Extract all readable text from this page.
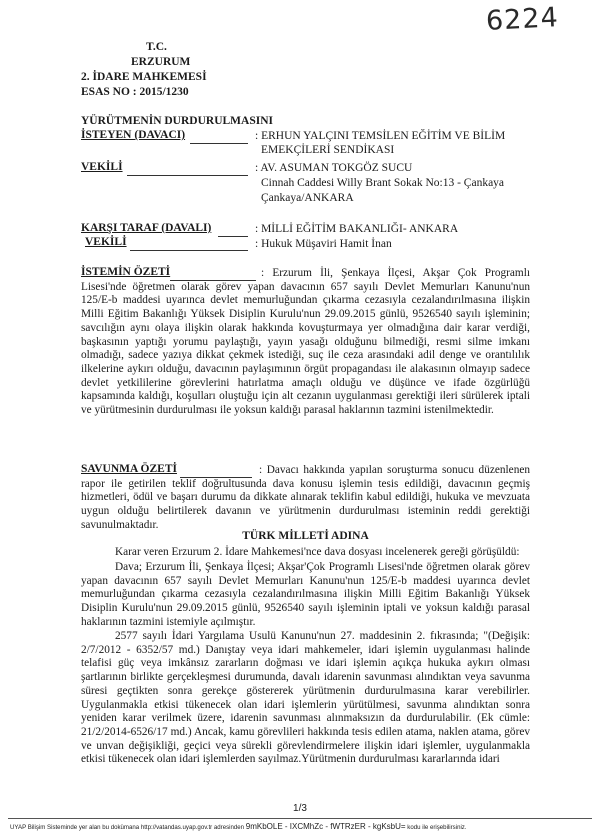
6224
T.C.
ERZURUM
2. İDARE MAHKEMESİ
ESAS NO : 2015/1230
YÜRÜTMENİN DURDURULMASINI
İSTEYEN (DAVACI)	: ERHUN YALÇINI TEMSİLEN EĞİTİM VE BİLİM
EMEKÇİLERİ SENDİKASI
VEKİLİ	: AV. ASUMAN TOKGÖZ SUCU
Cinnah Caddesi Willy Brant Sokak No:13 - Çankaya
Çankaya/ANKARA
KARŞI TARAF (DAVALI)	: MİLLİ EĞİTİM BAKANLIĞI- ANKARA
VEKİLİ	: Hukuk Müşaviri Hamit İnan
İSTEMİN ÖZETİ	: Erzurum İli, Şenkaya İlçesi, Akşar Çok Programlı Lisesi'nde öğretmen olarak görev yapan davacının 657 sayılı Devlet Memurları Kanunu'nun 125/E-b maddesi uyarınca devlet memurluğundan çıkarma cezasıyla cezalandırılmasına ilişkin Milli Eğitim Bakanlığı Yüksek Disiplin Kurulu'nun 29.09.2015 günlü, 9526540 sayılı işleminin; savcılığın aynı olaya ilişkin olarak hakkında kovuşturmaya yer olmadığına dair karar verdiği, başkasının yaptığı yorumu paylaştığı, yayın yasağı olduğunu bilmediği, resmi silme imkanı olmadığı, sadece yazıya dikkat çekmek istediği, suç ile ceza arasındaki adil denge ve orantılılık ilkelerine aykırı olduğu, davacının paylaşımının örgüt propagandası ile alakasının olmayıp sadece devlet yetkililerine görevlerini hatırlatma amaçlı olduğu ve düşünce ve ifade özgürlüğü kapsamında kaldığı, koşulları oluştuğu için alt cezanın uygulanması gerektiği ileri sürülerek iptali ve yürütmesinin durdurulması ile yoksun kaldığı parasal haklarının tazmini istenilmektedir.
SAVUNMA ÖZETİ	: Davacı hakkında yapılan soruşturma sonucu düzenlenen rapor ile getirilen teklif doğrultusunda dava konusu işlemin tesis edildiği, davacının geçmiş hizmetleri, ödül ve başarı durumu da dikkate alınarak teklifin kabul edildiği, hukuka ve mevzuata uygun olduğu belirtilerek davanın ve yürütmenin durdurulması isteminin reddi gerektiği savunulmaktadır.
TÜRK MİLLETİ ADINA
Karar veren Erzurum 2. İdare Mahkemesi'nce dava dosyası incelenerek gereği görüşüldü:
Dava; Erzurum İli, Şenkaya İlçesi; Akşar'Çok Programlı Lisesi'nde öğretmen olarak görev yapan davacının 657 sayılı Devlet Memurları Kanunu'nun 125/E-b maddesi uyarınca devlet memurluğundan çıkarma cezasıyla cezalandırılmasına ilişkin Milli Eğitim Bakanlığı Yüksek Disiplin Kurulu'nun 29.09.2015 günlü, 9526540 sayılı işleminin iptali ve yoksun kaldığı parasal haklarının tazmini istemiyle açılmıştır.
2577 sayılı İdari Yargılama Usulü Kanunu'nun 27. maddesinin 2. fıkrasında; "(Değişik: 2/7/2012 - 6352/57 md.) Danıştay veya idari mahkemeler, idari işlemin uygulanması halinde telafisi güç veya imkânsız zararların doğması ve idari işlemin açıkça hukuka aykırı olması şartlarının birlikte gerçekleşmesi durumunda, davalı idarenin savunması alındıktan veya savunma süresi geçtikten sonra gerekçe göstererek yürütmenin durdurulmasına karar verebilirler. Uygulanmakla etkisi tükenecek olan idari işlemlerin yürütülmesi, savunma alındıktan sonra yeniden karar verilmek üzere, idarenin savunması alınmaksızın da durdurulabilir. (Ek cümle: 21/2/2014-6526/17 md.) Ancak, kamu görevlileri hakkında tesis edilen atama, naklen atama, görev ve unvan değişikliği, geçici veya sürekli görevlendirmelere ilişkin idari işlemler, uygulanmakla etkisi tükenecek olan idari işlemlerden sayılmaz.Yürütmenin durdurulması kararlarında idari
1/3
UYAP Bilişim Sisteminde yer alan bu dokümana http://vatandas.uyap.gov.tr adresinden 9mKbOLE - IXCMhZc - fWTRzER - kgKsbU= kodu ile erişebilirsiniz.
